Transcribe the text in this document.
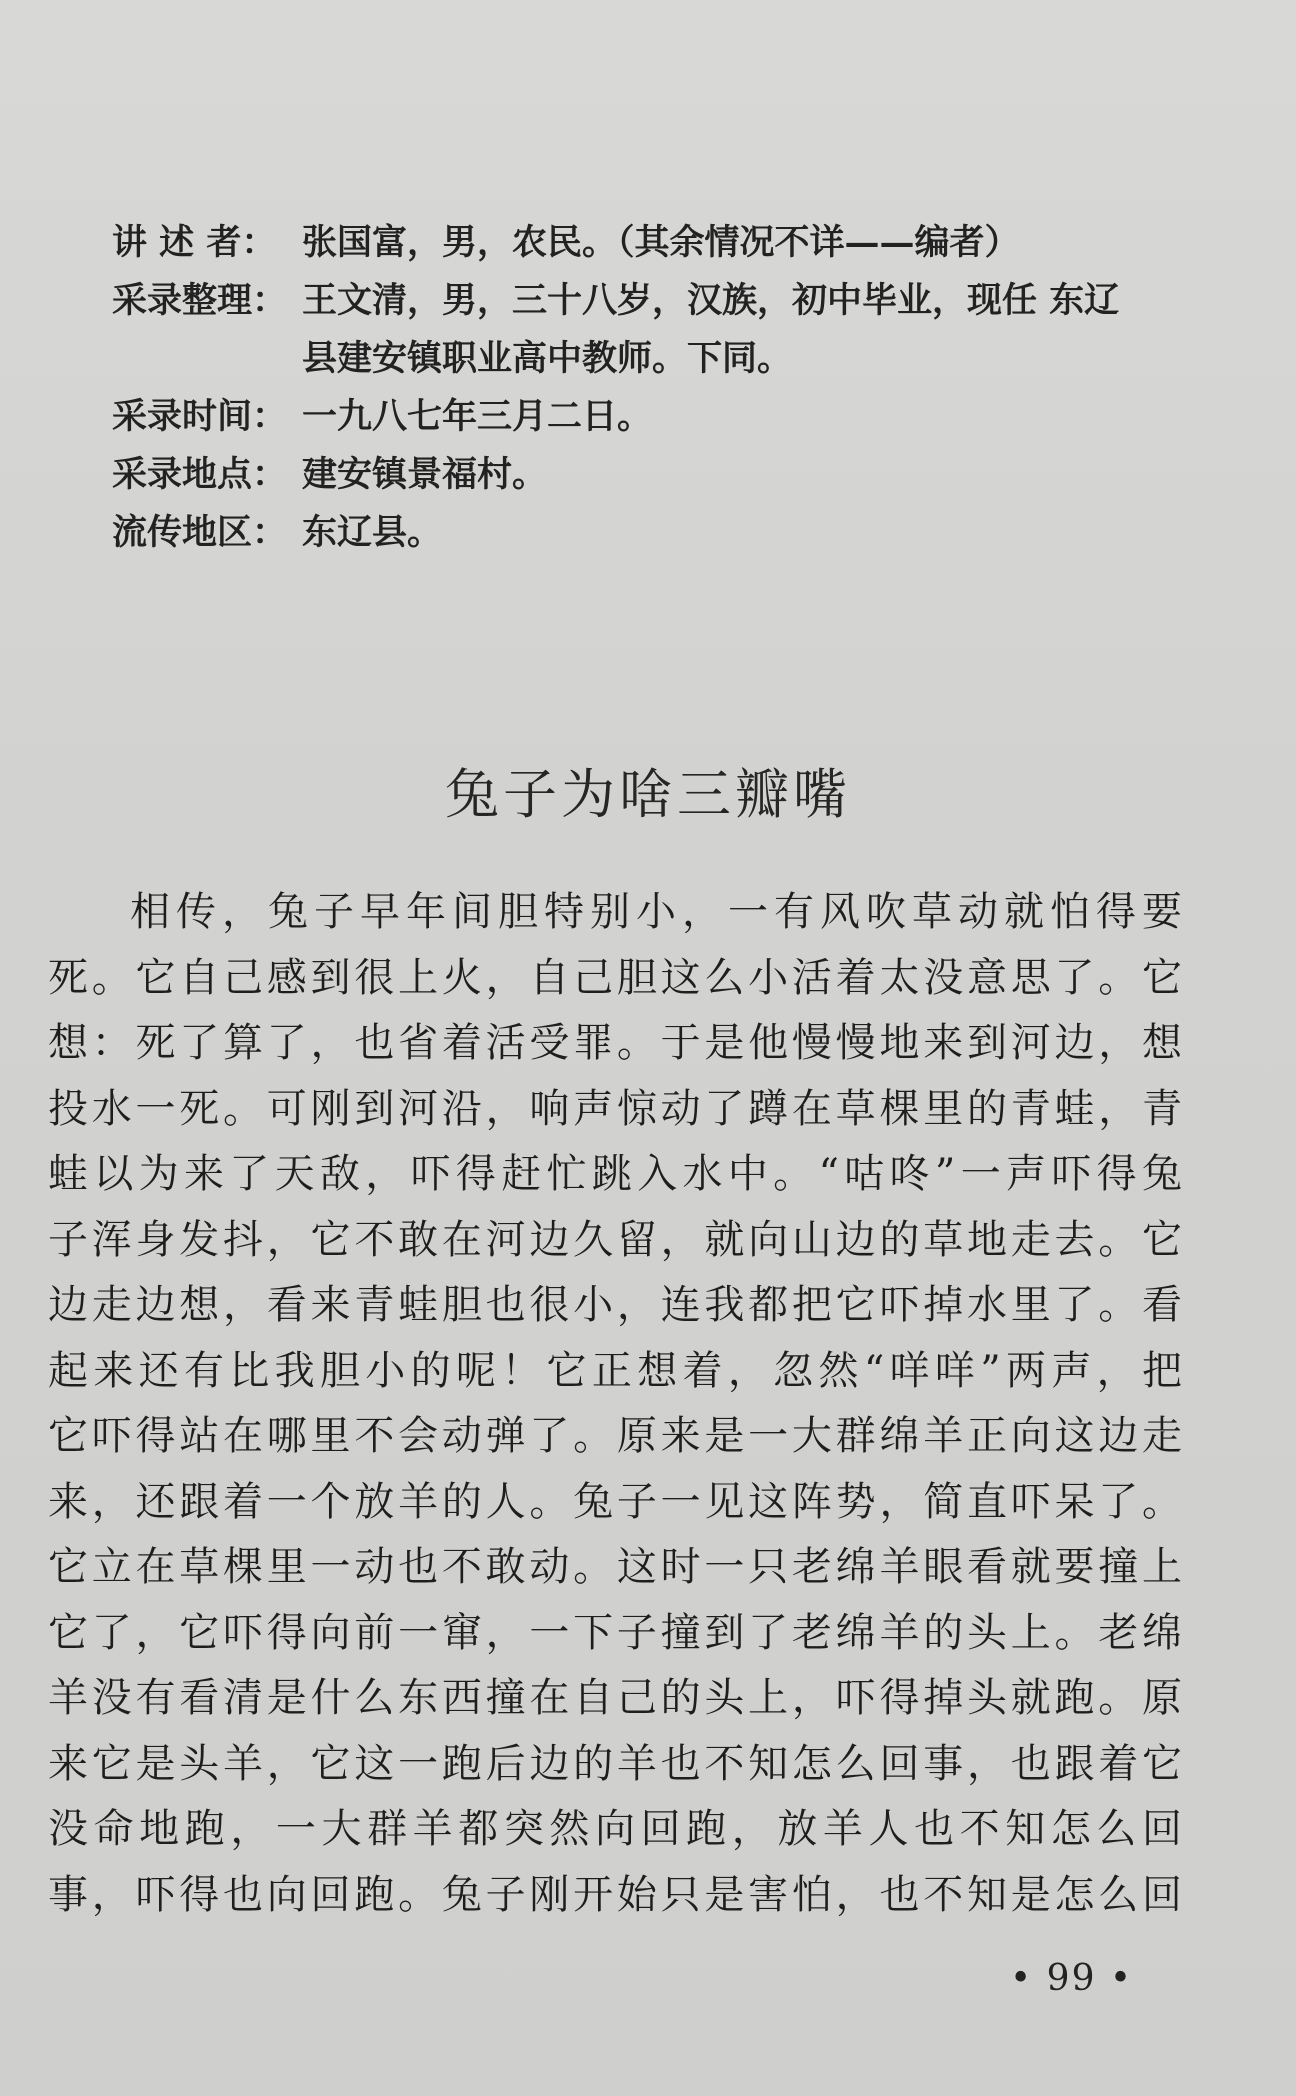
讲 述 者： 张国富，男，农民。（其余情况不详——编者）
采录整理： 王文清，男，三十八岁，汉族，初中毕业，现任 东辽
县建安镇职业高中教师。下同。
采录时间： 一九八七年三月二日。
采录地点： 建安镇景福村。
流传地区： 东辽县。
兔子为啥三瓣嘴
相传，兔子早年间胆特别小，一有风吹草动就怕得要
死。它自己感到很上火，自己胆这么小活着太没意思了。它
想：死了算了，也省着活受罪。于是他慢慢地来到河边，想
投水一死。可刚到河沿，响声惊动了蹲在草棵里的青蛙，青
蛙以为来了天敌，吓得赶忙跳入水中。“咕咚”一声吓得兔
子浑身发抖，它不敢在河边久留，就向山边的草地走去。它
边走边想，看来青蛙胆也很小，连我都把它吓掉水里了。看
起来还有比我胆小的呢！它正想着，忽然“咩咩”两声，把
它吓得站在哪里不会动弹了。原来是一大群绵羊正向这边走
来，还跟着一个放羊的人。兔子一见这阵势，简直吓呆了。
它立在草棵里一动也不敢动。这时一只老绵羊眼看就要撞上
它了，它吓得向前一窜，一下子撞到了老绵羊的头上。老绵
羊没有看清是什么东西撞在自己的头上，吓得掉头就跑。原
来它是头羊，它这一跑后边的羊也不知怎么回事，也跟着它
没命地跑，一大群羊都突然向回跑，放羊人也不知怎么回
事，吓得也向回跑。兔子刚开始只是害怕，也不知是怎么回
• 99 •
